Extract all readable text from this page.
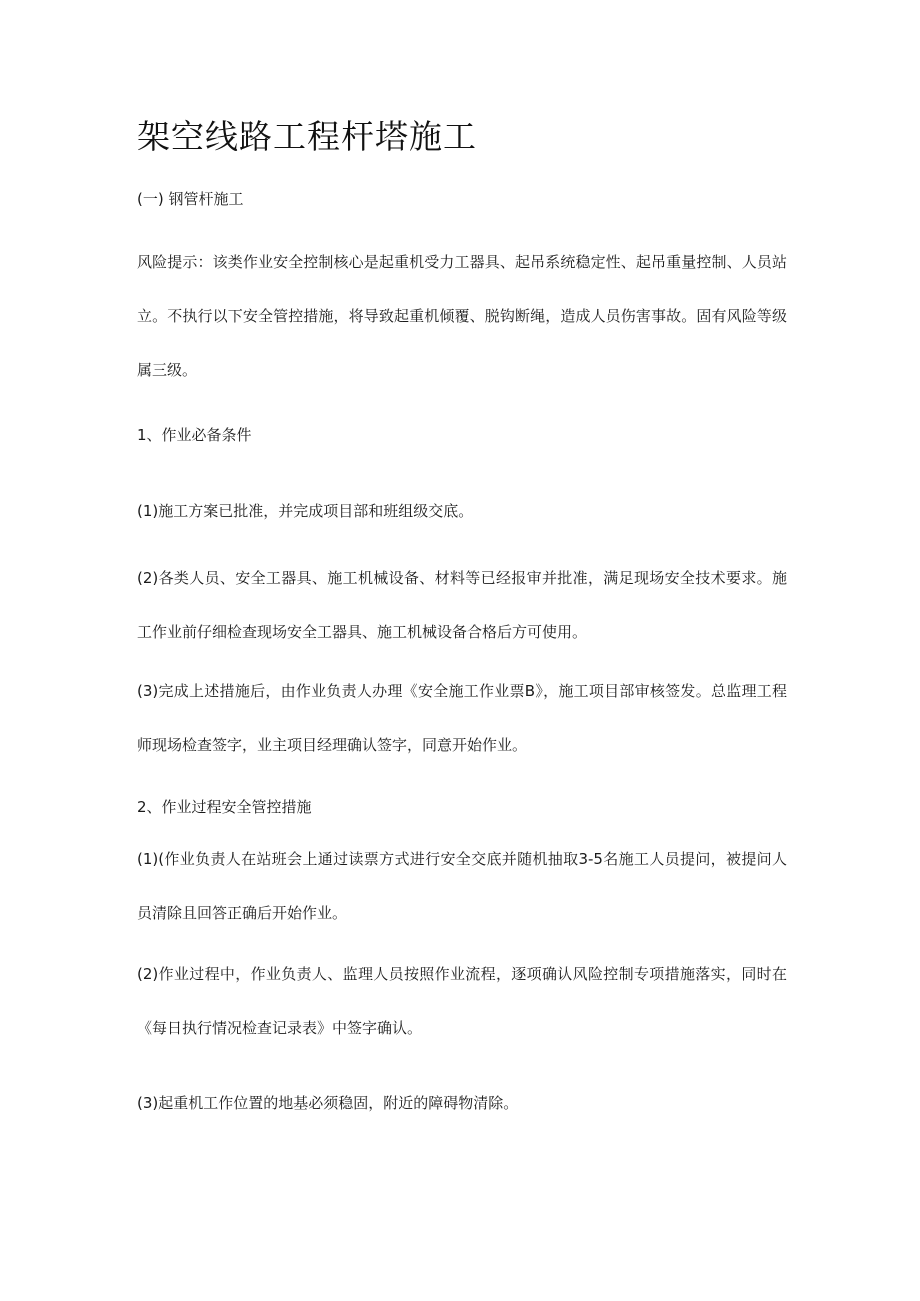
架空线路工程杆塔施工

(一) 钢管杆施工

风险提示：该类作业安全控制核心是起重机受力工器具、起吊系统稳定性、起吊重量控制、人员站立。不执行以下安全管控措施，将导致起重机倾覆、脱钩断绳，造成人员伤害事故。固有风险等级属三级。

1、作业必备条件

(1)施工方案已批准，并完成项目部和班组级交底。

(2)各类人员、安全工器具、施工机械设备、材料等已经报审并批准，满足现场安全技术要求。施工作业前仔细检查现场安全工器具、施工机械设备合格后方可使用。

(3)完成上述措施后，由作业负责人办理《安全施工作业票B》，施工项目部审核签发。总监理工程师现场检查签字，业主项目经理确认签字，同意开始作业。

2、作业过程安全管控措施

(1)(作业负责人在站班会上通过读票方式进行安全交底并随机抽取3-5名施工人员提问，被提问人员清除且回答正确后开始作业。

(2)作业过程中，作业负责人、监理人员按照作业流程，逐项确认风险控制专项措施落实，同时在《每日执行情况检查记录表》中签字确认。

(3)起重机工作位置的地基必须稳固，附近的障碍物清除。
